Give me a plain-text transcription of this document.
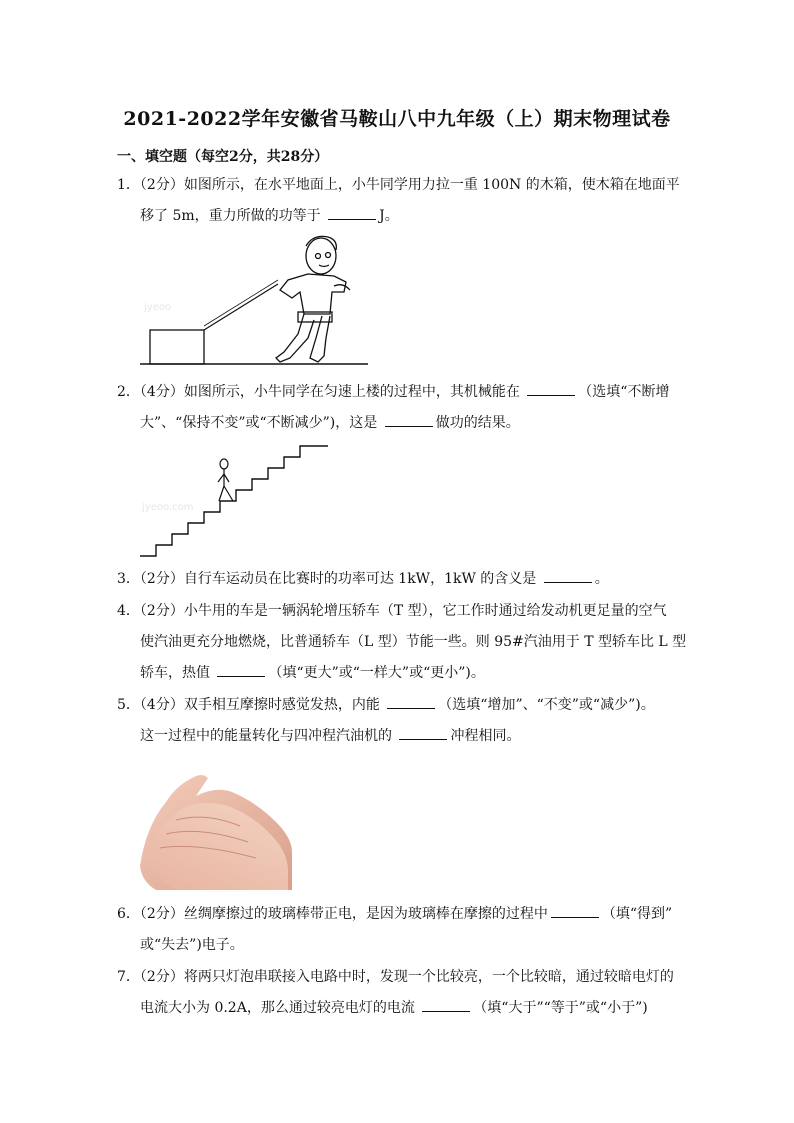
2021-2022学年安徽省马鞍山八中九年级（上）期末物理试卷
一、填空题（每空2分，共28分）
1．（2分）如图所示，在水平地面上，小牛同学用力拉一重 100N 的木箱，使木箱在地面平
移了 5m，重力所做的功等于	J。
jyeoo
2．（4分）如图所示，小牛同学在匀速上楼的过程中，其机械能在	（选填“不断增
大”、“保持不变”或“不断减少”)，这是	做功的结果。
jyeoo.com
3．（2分）自行车运动员在比赛时的功率可达 1kW，1kW 的含义是	。
4．（2分）小牛用的车是一辆涡轮增压轿车（T 型），它工作时通过给发动机更足量的空气
使汽油更充分地燃烧，比普通轿车（L 型）节能一些。则 95#汽油用于 T 型轿车比 L 型
轿车，热值	（填“更大”或“一样大”或“更小”)。
5．（4分）双手相互摩擦时感觉发热，内能	（选填“增加”、“不变”或“减少”)。
这一过程中的能量转化与四冲程汽油机的	冲程相同。
6．（2分）丝绸摩擦过的玻璃棒带正电，是因为玻璃棒在摩擦的过程中	（填“得到”
或“失去”)电子。
7．（2分）将两只灯泡串联接入电路中时，发现一个比较亮，一个比较暗，通过较暗电灯的
电流大小为 0.2A，那么通过较亮电灯的电流	（填“大于”“等于”或“小于”)
